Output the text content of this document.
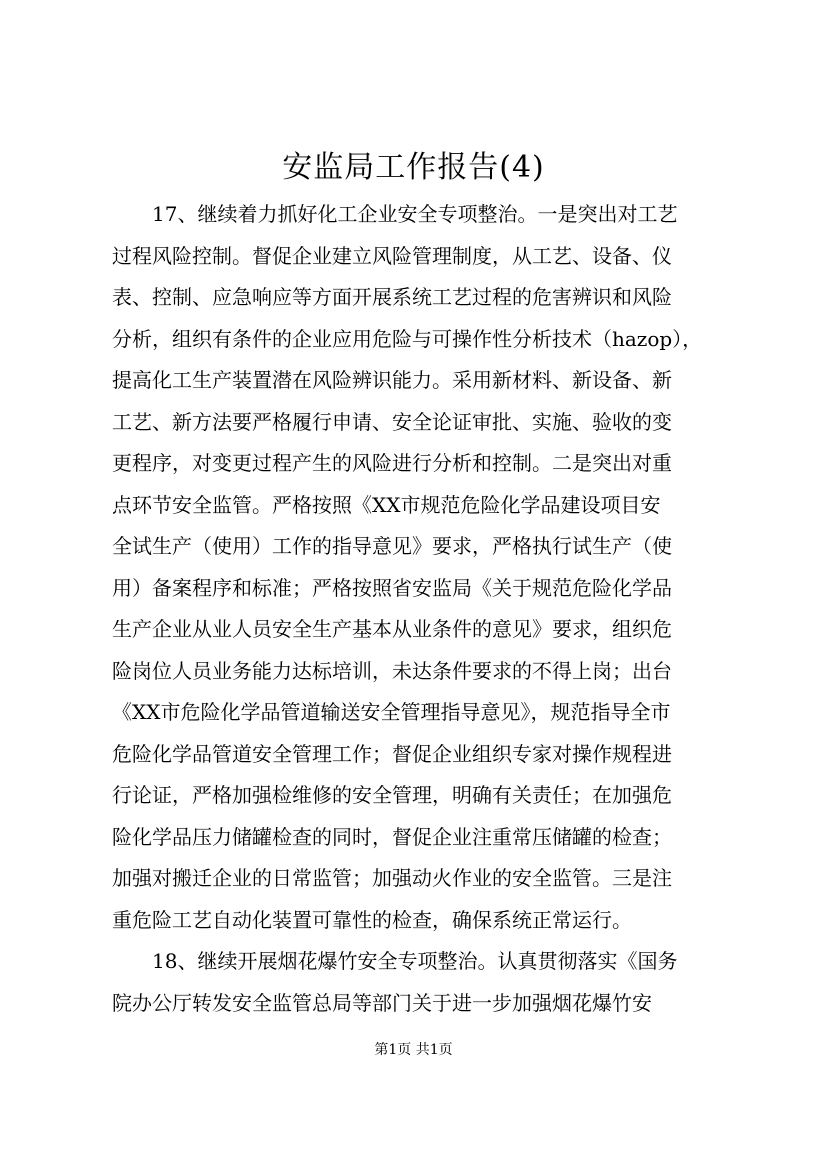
安监局工作报告(4)
17、继续着力抓好化工企业安全专项整治。一是突出对工艺
过程风险控制。督促企业建立风险管理制度，从工艺、设备、仪
表、控制、应急响应等方面开展系统工艺过程的危害辨识和风险
分析，组织有条件的企业应用危险与可操作性分析技术（hazop），
提高化工生产装置潜在风险辨识能力。采用新材料、新设备、新
工艺、新方法要严格履行申请、安全论证审批、实施、验收的变
更程序，对变更过程产生的风险进行分析和控制。二是突出对重
点环节安全监管。严格按照《XX市规范危险化学品建设项目安
全试生产（使用）工作的指导意见》要求，严格执行试生产（使
用）备案程序和标准；严格按照省安监局《关于规范危险化学品
生产企业从业人员安全生产基本从业条件的意见》要求，组织危
险岗位人员业务能力达标培训，未达条件要求的不得上岗；出台
《XX市危险化学品管道输送安全管理指导意见》，规范指导全市
危险化学品管道安全管理工作；督促企业组织专家对操作规程进
行论证，严格加强检维修的安全管理，明确有关责任；在加强危
险化学品压力储罐检查的同时，督促企业注重常压储罐的检查；
加强对搬迁企业的日常监管；加强动火作业的安全监管。三是注
重危险工艺自动化装置可靠性的检查，确保系统正常运行。
18、继续开展烟花爆竹安全专项整治。认真贯彻落实《国务
院办公厅转发安全监管总局等部门关于进一步加强烟花爆竹安
第1页 共1页
